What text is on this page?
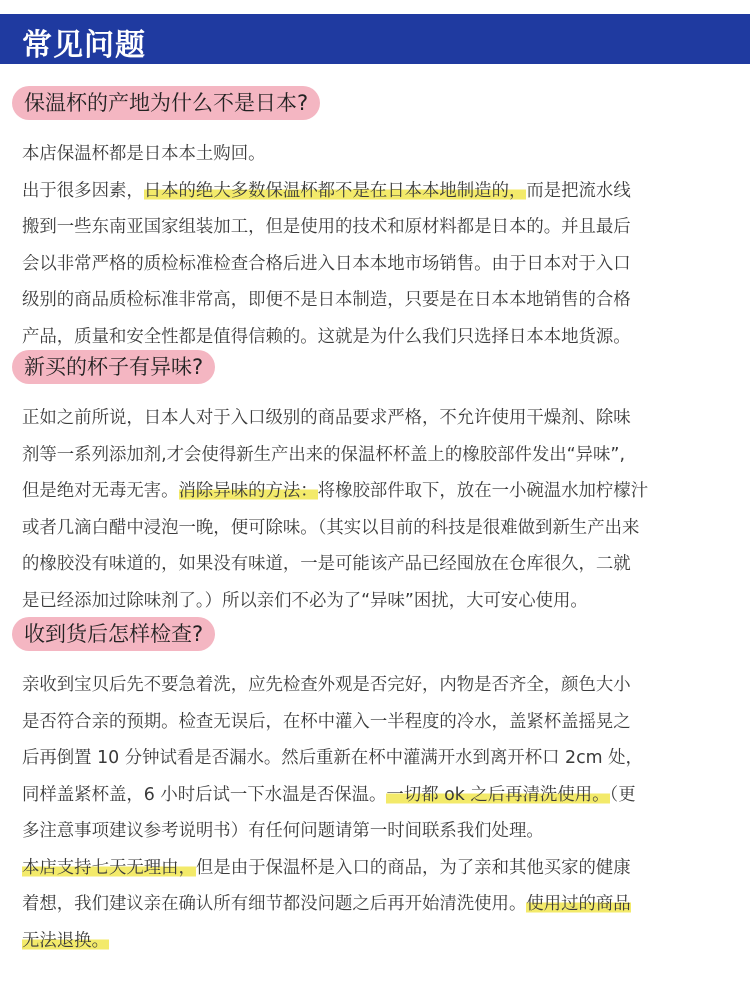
常见问题
保温杯的产地为什么不是日本?
本店保温杯都是日本本土购回。
出于很多因素，日本的绝大多数保温杯都不是在日本本地制造的，而是把流水线
搬到一些东南亚国家组装加工，但是使用的技术和原材料都是日本的。并且最后
会以非常严格的质检标准检查合格后进入日本本地市场销售。由于日本对于入口
级别的商品质检标准非常高，即便不是日本制造，只要是在日本本地销售的合格
产品，质量和安全性都是值得信赖的。这就是为什么我们只选择日本本地货源。
新买的杯子有异味?
正如之前所说，日本人对于入口级别的商品要求严格，不允许使用干燥剂、除味
剂等一系列添加剂,才会使得新生产出来的保温杯杯盖上的橡胶部件发出“异味”,
但是绝对无毒无害。消除异味的方法：将橡胶部件取下，放在一小碗温水加柠檬汁
或者几滴白醋中浸泡一晚，便可除味。（其实以目前的科技是很难做到新生产出来
的橡胶没有味道的，如果没有味道，一是可能该产品已经囤放在仓库很久，二就
是已经添加过除味剂了。）所以亲们不必为了“异味”困扰，大可安心使用。
收到货后怎样检查?
亲收到宝贝后先不要急着洗，应先检查外观是否完好，内物是否齐全，颜色大小
是否符合亲的预期。检查无误后，在杯中灌入一半程度的冷水，盖紧杯盖摇晃之
后再倒置 10 分钟试看是否漏水。然后重新在杯中灌满开水到离开杯口 2cm 处，
同样盖紧杯盖，6 小时后试一下水温是否保温。一切都 ok 之后再清洗使用。（更
多注意事项建议参考说明书）有任何问题请第一时间联系我们处理。
本店支持七天无理由，但是由于保温杯是入口的商品，为了亲和其他买家的健康
着想，我们建议亲在确认所有细节都没问题之后再开始清洗使用。使用过的商品
无法退换。
